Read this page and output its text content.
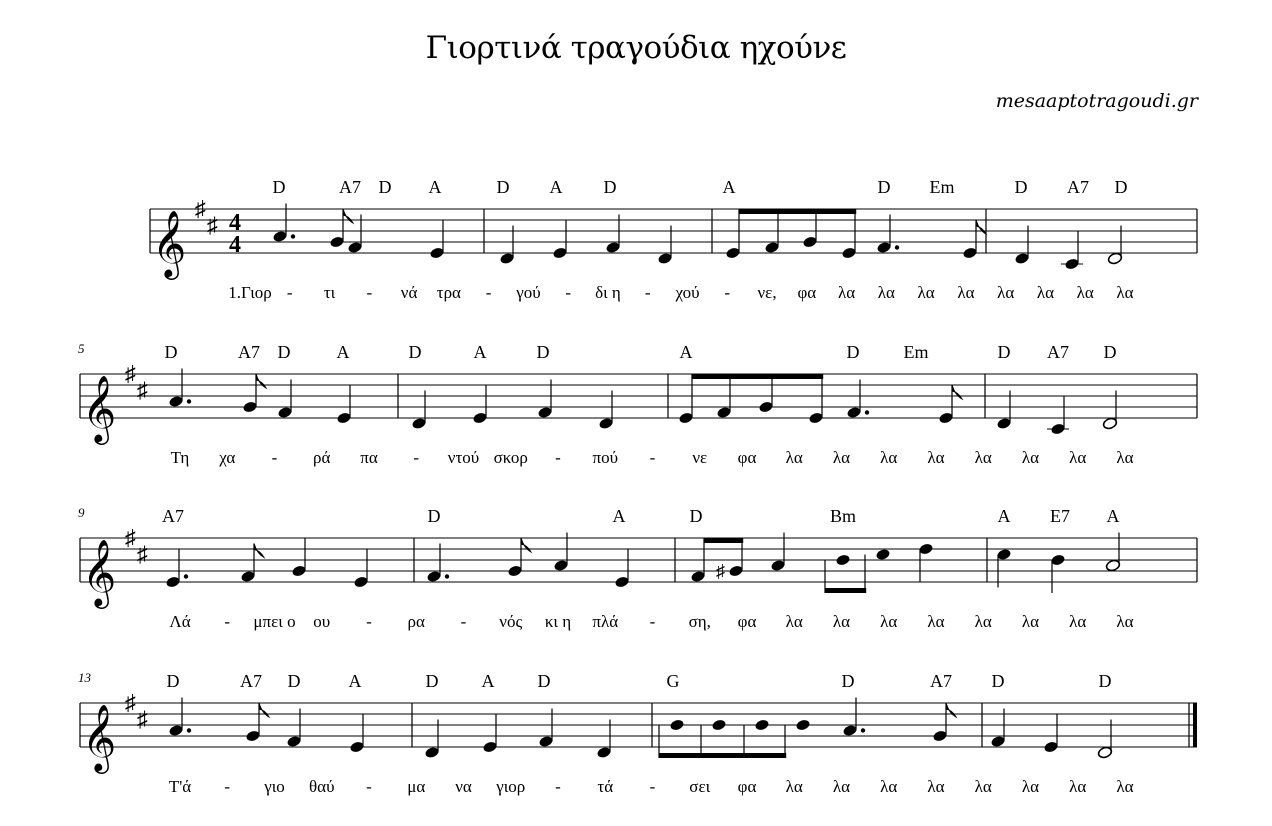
Γιορτινά τραγούδια ηχούνε
mesaaptotragoudi.gr
𝄞
♯
♯ 4
4
D	A7 D A	D A D	A	D Em	D A7 D
1.Γιορ - τι - νά τρα - γού - δι η - χού - νε, φα λα λα λα λα λα λα λα λα
5
𝄞
♯
♯
D	A7 D	A	D	A	D	A	D Em	D A7 D
Τη χα - ρά πα - ντού σκορ - πού - νε φα λα λα λα λα λα λα λα λα
9
𝄞
♯
♯
A7	D	A	D	Bm	A E7 A
♯
Λά - μπει ο ου - ρα - νός κι η πλά - ση, φα λα λα λα λα λα λα λα λα
13
𝄞
♯
♯
D	A7 D	A	D A D	G	D	A7 D	D
Τ'ά - γιο θαύ - μα να γιορ - τά - σει φα λα λα λα λα λα λα λα λα
